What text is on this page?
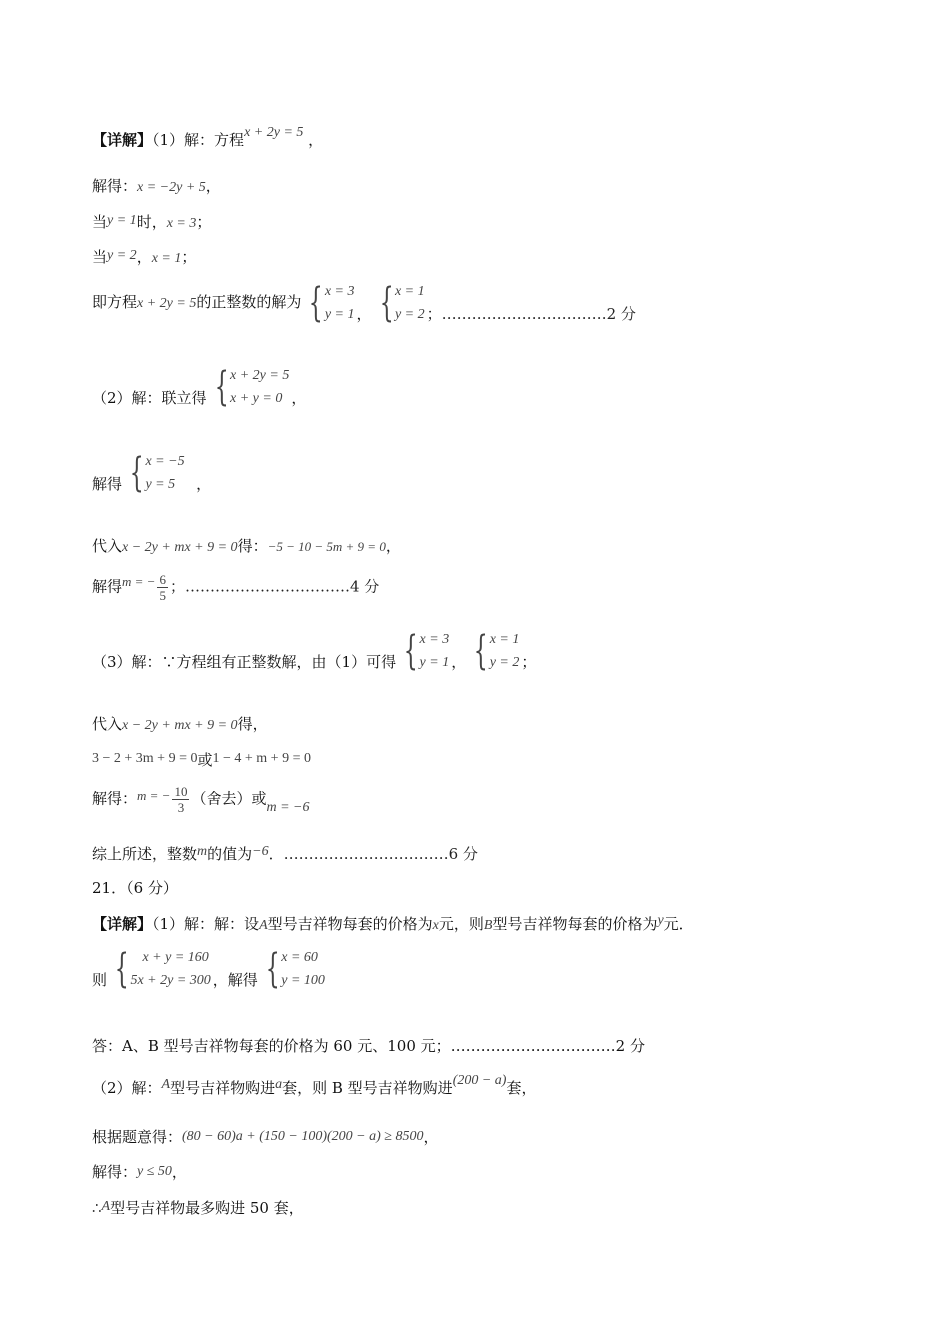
【详解】（1）解：方程x + 2y = 5 ，
解得：x = −2y + 5，
当y = 1时，x = 3；
当y = 2，x = 1；
即方程x + 2y = 5的正整数的解为 { x = 3
y = 1 ， { x = 1
y = 2 ；……………………………2 分
（2）解：联立得 { x + 2y = 5
x + y = 0 ，
解得 { x = −5
y = 5 ，
代入x − 2y + mx + 9 = 0得：−5 − 10 − 5m + 9 = 0，
解得m = − $\frac{6}{5}$ ；……………………………4 分
（3）解：∵方程组有正整数解，由（1）可得 { x = 3
y = 1 ， { x = 1
y = 2 ；
代入x − 2y + mx + 9 = 0得，
3 − 2 + 3m + 9 = 0或1 − 4 + m + 9 = 0
解得：m = − $\frac{10}{3}$ （舍去）或m = −6
综上所述，整数m的值为−6．……………………………6 分
21．（6 分）
【详解】（1）解：解：设A型号吉祥物每套的价格为x元，则B型号吉祥物每套的价格为y元．
则 { x + y = 160
5x + 2y = 300 ，解得 { x = 60
y = 100
答：A、B 型号吉祥物每套的价格为 60 元、100 元；……………………………2 分
（2）解：A型号吉祥物购进a套，则 B 型号吉祥物购进(200 − a)套，
根据题意得：(80 − 60)a + (150 − 100)(200 − a) ≥ 8500，
解得：y ≤ 50，
∴A型号吉祥物最多购进 50 套，
